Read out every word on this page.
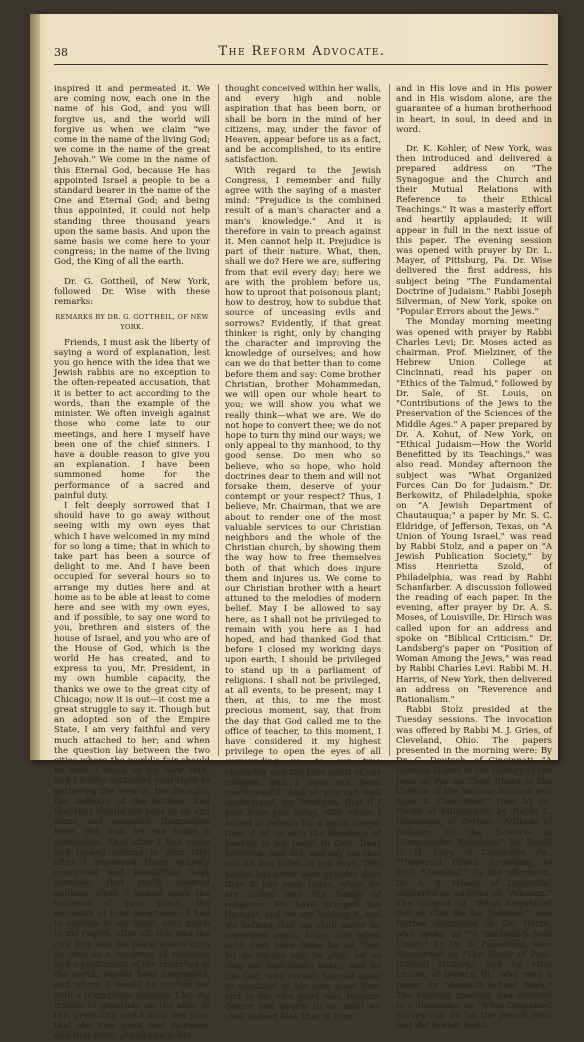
38	The Reform Advocate.

inspired it and permeated it. We are coming now, each one in the name of his God, and you will forgive us, and the world will forgive us when we claim "we come in the name of the living God; we come in the name of the great Jehovah." We come in the name of this Eternal God, because He has appointed Israel a people to be a standard bearer in the name of the One and Eternal God; and being thus appointed, it could not help standing three thousand years upon the same basis. And upon the same basis we come here to your congress; in the name of the living God, the King of all the earth.

Dr. G. Gottheil, of New York, followed Dr. Wise with these remarks:

REMARKS BY DR. G. GOTTHEIL, OF NEW YORK.

Friends, I must ask the liberty of saying a word of explanation, lest you go hence with the idea that we Jewish rabbis are no exception to the often-repeated accusation, that it is better to act according to the words, than the example of the minister. We often inveigh against those who come late to our meetings, and here I myself have been one of the chief sinners. I have a double reason to give you an explanation. I have been summoned home for the performance of a sacred and painful duty.

I felt deeply sorrowed that I should have to go away without seeing with my own eyes that which I have welcomed in my mind for so long a time; that in which to take part has been a source of delight to me. And I have been occupied for several hours so to arrange my duties here and at home as to be able at least to come here and see with my own eyes, and if possible, to say one word to you, brethren and sisters of the house of Israel, and you who are of the House of God, which is the world He has created, and to express to you, Mr. President, in my own humble capacity, the thanks we owe to the great city of Chicago; now it is out—it cost me a great struggle to say it. Though but an adopted son of the Empire State, I am very faithful and very much attached to her; and when the question lay between the two cities where the world's fair should be held, I stood up for New York, and I boldly contested your right to gathering the wealth, the thought, the industry of the nations, and that they should not pass us by and come and establish themselves here. But now, let me make a confession: That after I had come and looked around in your city; after I traversed those grandly conceived and beautifully kept avenues, that really seemed endless; when I looked upon the vastness of your plans, the elevation of your structures—I had to confess in my heart, very much to my regret, after all, this was the city, this was the place where such an idea as a congress of religions and a parliament of the churches of the earth, should have originated, and where it would be carried out with a triumphant success. I lay my tribute of gratitude on the altar of this great city, and I trust and pray that she may grow and increase, and that every grand and noble

thought conceived within her walls, and every high and noble aspiration that has been born, or shall be born in the mind of her citizens, may, under the favor of Heaven, appear before us as a fact, and be accomplished, to its entire satisfaction.

With regard to the Jewish Congress, I remember and fully agree with the saying of a master mind: "Prejudice is the combined result of a man's character and a man's knowledge." And it is therefore in vain to preach against it. Men cannot help it. Prejudice is part of their nature. What, then, shall we do? Here we are, suffering from that evil every day; here we are with the problem before us, how to uproot that poisonous plant; how to destroy, how to subdue that source of unceasing evils and sorrows? Evidently, if that great thinker is right, only by changing the character and improving the knowledge of ourselves; and how can we do that better than to come before them and say: Come brother Christian, brother Mohammedan, we will open our whole heart to you; we will show you what we really think—what we are. We do not hope to convert thee; we do not hope to turn thy mind our ways; we only appeal to thy manhood, to thy good sense. Do men who so believe, who so hope, who hold doctrines dear to them and will not forsake them, deserve of your contempt or your respect? Thus, I believe, Mr. Chairman, that we are about to render one of the most valuable services to our Christian neighbors and the whole of the Christian church, by showing them the way how to free themselves both of that which does injure them and injures us. We come to our Christian brother with a heart attuned to the melodies of modern belief. May I be allowed to say here, as I shall not be privileged to remain with you here as I had hoped, and had thanked God that before I closed my working days upon earth, I should be privileged to stand up in a parliament of religions. I shall not be privileged, at all events, to be present; may I then, at this, to me the most precious moment, say, that from the day that God called me to the office of teacher, to this moment, I have considered it my highest privilege to open the eyes of all surrounding us, to our true character and the true spirit of our religion, and I have not been unsuccessful. And so you can well understand, my brethren, that if I part from you today, with whom I hoped to remain for a much longer time, I do so with the blessings of heaven in my heart to God. Dear brethren, fear not, and say not that our lot has fallen in evil days. This nation has never seen grander days than it has seen today, when we are called into the family of religions. We have grasped the thought, and we are holding it, and we believe that we shall never be separated again. I say, that when such days have come for us, then let us rejoice and be glad; let us sing our hallelujahs today; and let the God, who reveals himself anew to mankind in his own good time and in his own good way, become dearer and dearer to us, until we shall indeed feel, that in Him

and in His love and in His power and in His wisdom alone, are the guarantee of a human brotherhood in heart, in soul, in deed and in word.

Dr. K. Kohler, of New York, was then introduced and delivered a prepared address on "The Synagogue and the Church and their Mutual Relations with Reference to their Ethical Teachings." It was a masterly effort and heartily applauded; it will appear in full in the next issue of this paper. The evening session was opened with prayer by Dr. L. Mayer, of Pittsburg, Pa. Dr. Wise delivered the first address, his subject being "The Fundamental Doctrine of Judaism." Rabbi Joseph Silverman, of New York, spoke on "Popular Errors about the Jews."

The Monday morning meeting was opened with prayer by Rabbi Charles Levi; Dr. Moses acted as chairman. Prof. Mielziner, of the Hebrew Union College at Cincinnati, read his paper on "Ethics of the Talmud," followed by Dr. Sale, of St. Louis, on "Contributions of the Jews to the Preservation of the Sciences of the Middle Ages." A paper prepared by Dr. A. Kohut, of New York, on "Ethical Judaism—How the World Benefitted by its Teachings," was also read. Monday afternoon the subject was "What Organized Forces Can Do for Judaism." Dr. Berkowitz, of Philadelphia, spoke on "A Jewish Department of Chautauqua;" a paper by Mr. S. C. Eldridge, of Jefferson, Texas, on "A Union of Young Israel," was read by Rabbi Stolz, and a paper on "A Jewish Publication Society," by Miss Henrietta Szold, of Philadelphia, was read by Rabbi Schanfarber. A discussion followed the reading of each paper. In the evening, after prayer by Dr. A. S. Moses, of Louisville, Dr. Hirsch was called upon for an address and spoke on "Biblical Criticism." Dr. Landsberg's paper on "Position of Woman Among the Jews," was read by Rabbi Charles Levi. Rabbi M. H. Harris, of New York, then delivered an address on "Reverence and Rationalism."

Rabbi Stolz presided at the Tuesday sessions. The invocation was offered by Rabbi M. J. Gries, of Cleveland, Ohio. The papers presented in the morning were: By Dr. G. Deutsch, of Cincinnati, "A Concise Digest of the History of the Jews as Far as Their Share in the Culture of the Various Nations and Ages is Concerned," read by Dr. Hecht of Milwaukee; by Rabbi L. Grossman, of Detroit, "Attitude of Judaism to the Science of Comparative Religions;" by Rabbi C. H. Levy, of Lancaster, Pa., "Universal Ethics According to Prof. Steinthal." In the afternoon, Dr. A. S. Moses, of Louisville, delivered an address on "Atheism." The subject of "What Organized Forces Can Do for Judaism," was further discussed by Dr. Hecht, who spoke on "A Sabbath-School Union;" by Dr. B. Felsenthal, who discoursed on "The Study of Post-Biblical History," and by Miss Leszer, of Quincy, Ill., who read a paper on "Sabbath-School Work." The evening meeting was devoted to a discussion on "What Organized Forces can do for the Jewish Poor and the Jewish Immi-
